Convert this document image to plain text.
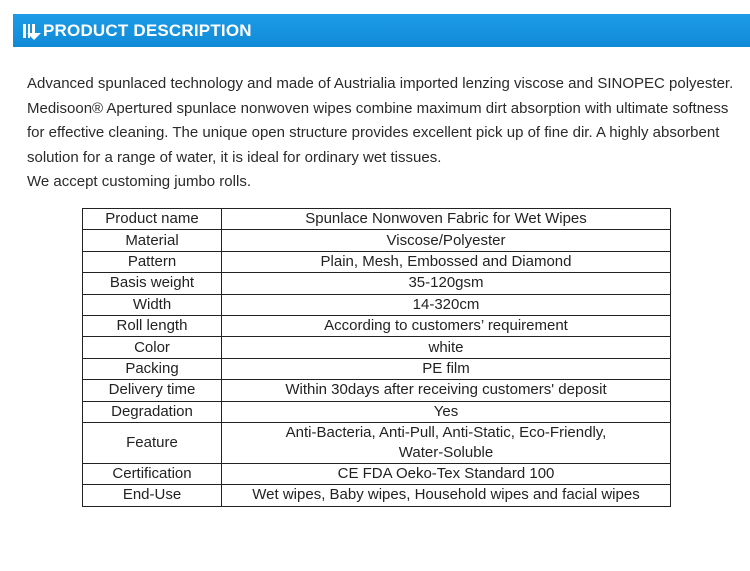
PRODUCT DESCRIPTION

Advanced spunlaced technology and made of Austrialia imported lenzing viscose and SINOPEC polyester. Medisoon® Apertured spunlace nonwoven wipes combine maximum dirt absorption with ultimate softness for effective cleaning. The unique open structure provides excellent pick up of fine dir. A highly absorbent solution for a range of water, it is ideal for ordinary wet tissues.

We accept customing jumbo rolls.

Product name	Spunlace Nonwoven Fabric for Wet Wipes
Material	Viscose/Polyester
Pattern	Plain, Mesh, Embossed and Diamond
Basis weight	35-120gsm
Width	14-320cm
Roll length	According to customers’ requirement
Color	white
Packing	PE film
Delivery time	Within 30days after receiving customers' deposit
Degradation	Yes
Feature	Anti-Bacteria, Anti-Pull, Anti-Static, Eco-Friendly,
Water-Soluble

Certification	CE FDA Oeko-Tex Standard 100
End-Use	Wet wipes, Baby wipes, Household wipes and facial wipes
